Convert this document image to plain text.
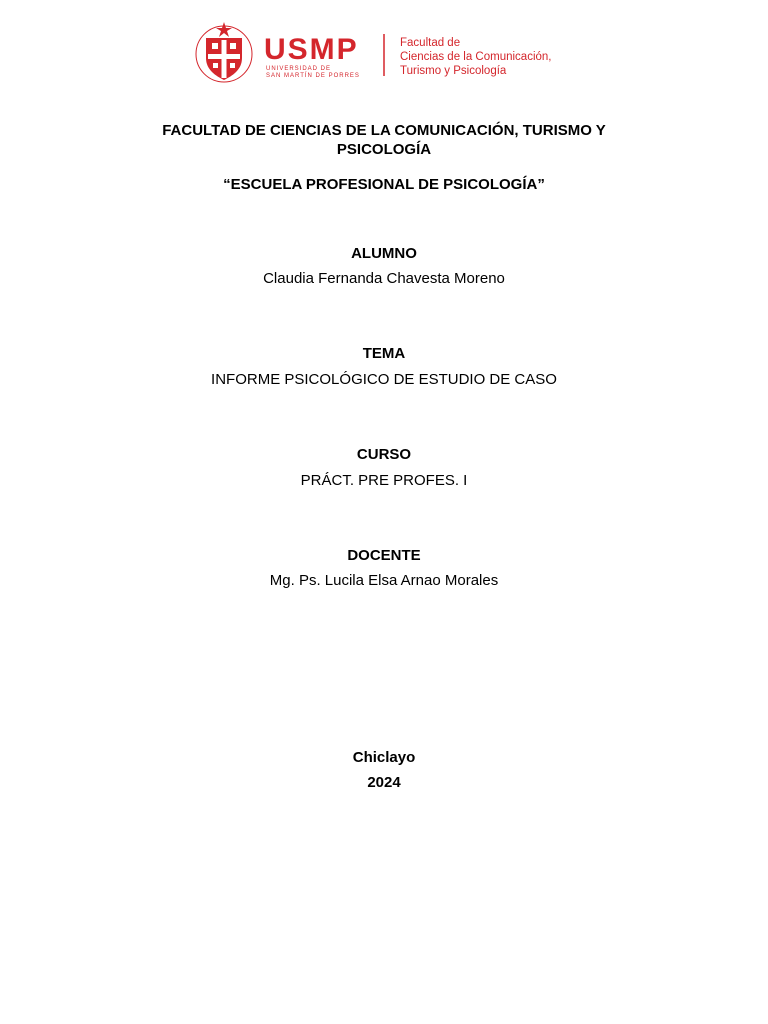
USMP
UNIVERSIDAD DE
SAN MARTÍN DE PORRES
Facultad de
Ciencias de la Comunicación,
Turismo y Psicología
FACULTAD DE CIENCIAS DE LA COMUNICACIÓN, TURISMO Y PSICOLOGÍA
“ESCUELA PROFESIONAL DE PSICOLOGÍA”
ALUMNO
Claudia Fernanda Chavesta Moreno
TEMA
INFORME PSICOLÓGICO DE ESTUDIO DE CASO
CURSO
PRÁCT. PRE PROFES. I
DOCENTE
Mg. Ps. Lucila Elsa Arnao Morales
Chiclayo
2024
